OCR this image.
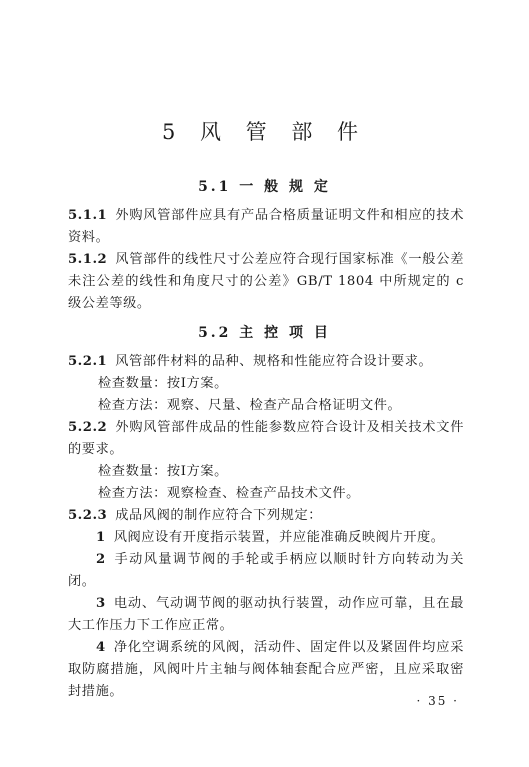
5 风 管 部 件
5.1 一 般 规 定
5.1.1 外购风管部件应具有产品合格质量证明文件和相应的技术资料。
5.1.2 风管部件的线性尺寸公差应符合现行国家标准《一般公差 未注公差的线性和角度尺寸的公差》GB/T 1804 中所规定的 c 级公差等级。
5.2 主 控 项 目
5.2.1 风管部件材料的品种、规格和性能应符合设计要求。
检查数量：按Ⅰ方案。
检查方法：观察、尺量、检查产品合格证明文件。
5.2.2 外购风管部件成品的性能参数应符合设计及相关技术文件的要求。
检查数量：按Ⅰ方案。
检查方法：观察检查、检查产品技术文件。
5.2.3 成品风阀的制作应符合下列规定：
1 风阀应设有开度指示装置，并应能准确反映阀片开度。
2 手动风量调节阀的手轮或手柄应以顺时针方向转动为关闭。
3 电动、气动调节阀的驱动执行装置，动作应可靠，且在最大工作压力下工作应正常。
4 净化空调系统的风阀，活动件、固定件以及紧固件均应采取防腐措施，风阀叶片主轴与阀体轴套配合应严密，且应采取密封措施。
· 35 ·
